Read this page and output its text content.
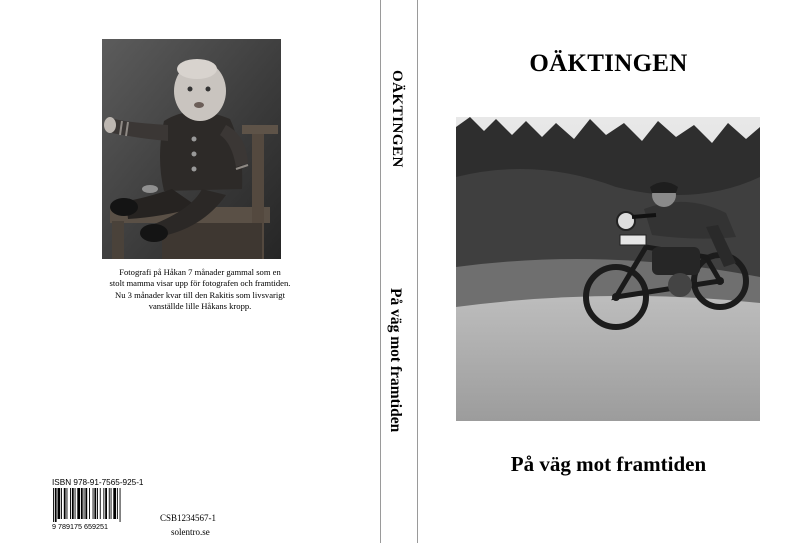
Fotografi på Håkan 7 månader gammal som en
stolt mamma visar upp för fotografen och framtiden.
Nu 3 månader kvar till den Rakitis som livsvarigt
vanställde lille Håkans kropp.
ISBN 978-91-7565-925-1
9 789175 659251
CSB1234567-1
solentro.se
OÄKTINGEN
På väg mot framtiden
OÄKTINGEN
På väg mot framtiden
